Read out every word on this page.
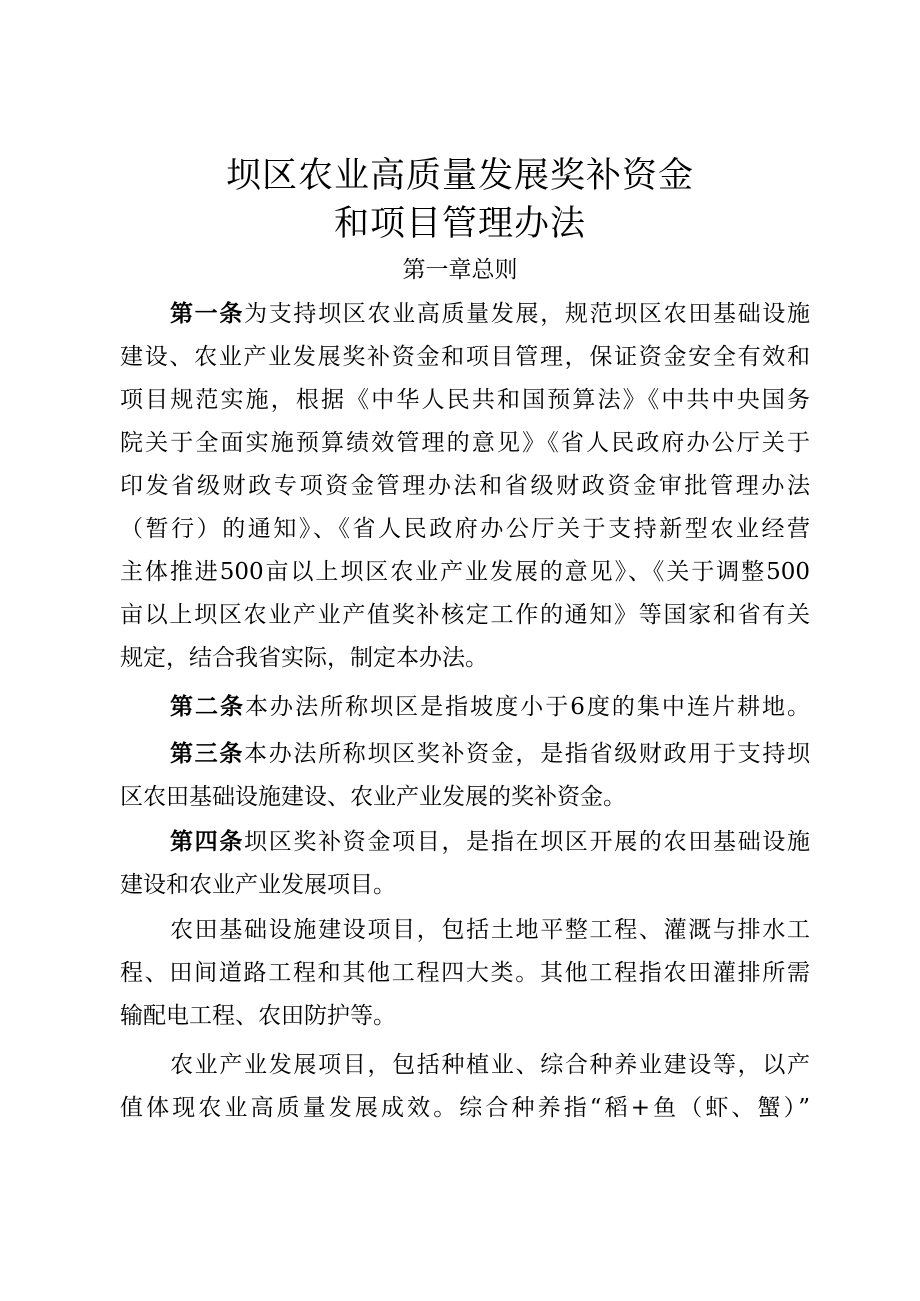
坝区农业高质量发展奖补资金
和项目管理办法
第一章总则
第一条为支持坝区农业高质量发展，规范坝区农田基础设施
建设、农业产业发展奖补资金和项目管理，保证资金安全有效和
项目规范实施，根据《中华人民共和国预算法》《中共中央国务
院关于全面实施预算绩效管理的意见》《省人民政府办公厅关于
印发省级财政专项资金管理办法和省级财政资金审批管理办法
（暂行）的通知》、《省人民政府办公厅关于支持新型农业经营
主体推进500亩以上坝区农业产业发展的意见》、《关于调整500
亩以上坝区农业产业产值奖补核定工作的通知》等国家和省有关
规定，结合我省实际，制定本办法。
第二条本办法所称坝区是指坡度小于6度的集中连片耕地。
第三条本办法所称坝区奖补资金，是指省级财政用于支持坝
区农田基础设施建设、农业产业发展的奖补资金。
第四条坝区奖补资金项目，是指在坝区开展的农田基础设施
建设和农业产业发展项目。
农田基础设施建设项目，包括土地平整工程、灌溉与排水工
程、田间道路工程和其他工程四大类。其他工程指农田灌排所需
输配电工程、农田防护等。
农业产业发展项目，包括种植业、综合种养业建设等，以产
值体现农业高质量发展成效。综合种养指“稻+鱼（虾、蟹）”
